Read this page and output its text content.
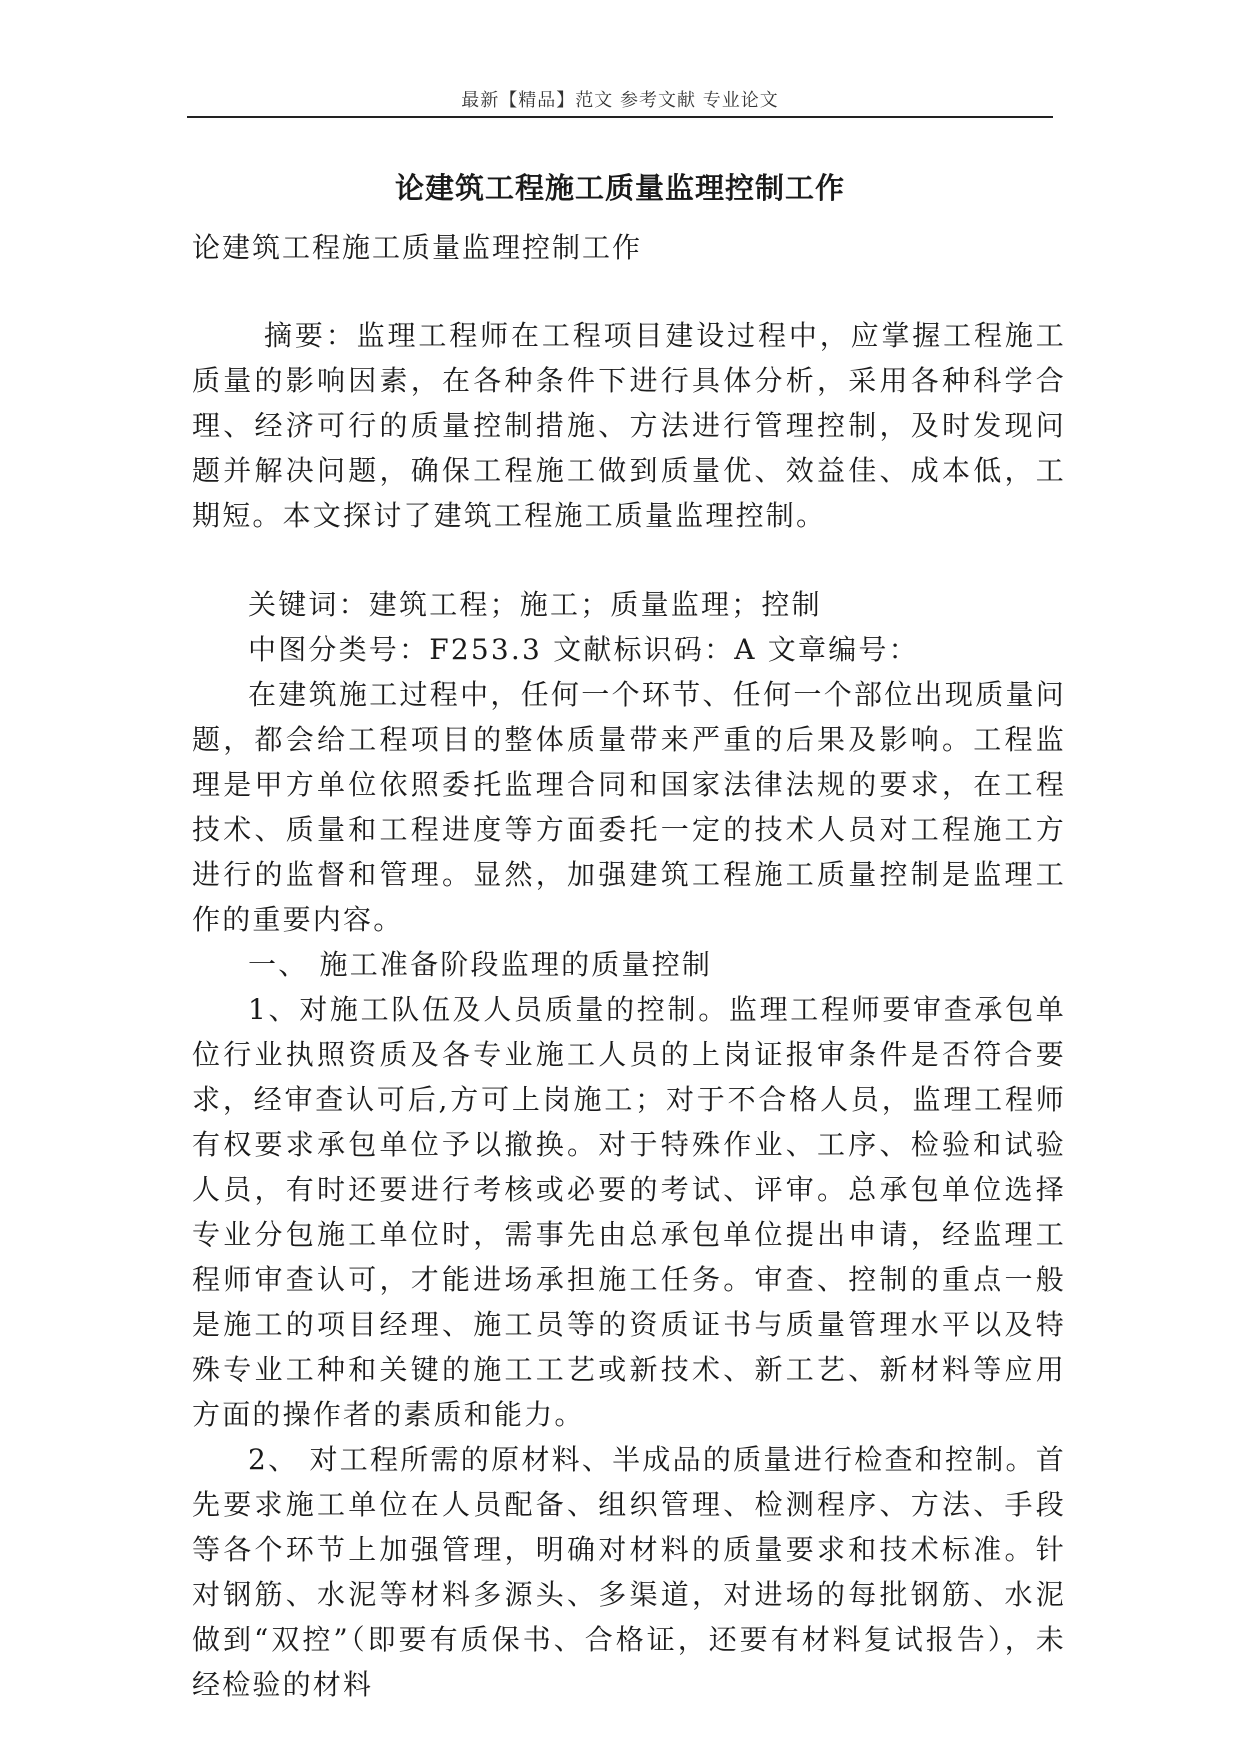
最新【精品】范文 参考文献 专业论文
论建筑工程施工质量监理控制工作
论建筑工程施工质量监理控制工作

摘要：监理工程师在工程项目建设过程中，应掌握工程施工质量的影响因素，在各种条件下进行具体分析，采用各种科学合理、经济可行的质量控制措施、方法进行管理控制，及时发现问题并解决问题，确保工程施工做到质量优、效益佳、成本低，工期短。本文探讨了建筑工程施工质量监理控制。

关键词：建筑工程；施工；质量监理；控制

中图分类号：F253.3 文献标识码：A 文章编号：

在建筑施工过程中，任何一个环节、任何一个部位出现质量问题，都会给工程项目的整体质量带来严重的后果及影响。工程监理是甲方单位依照委托监理合同和国家法律法规的要求，在工程技术、质量和工程进度等方面委托一定的技术人员对工程施工方进行的监督和管理。显然，加强建筑工程施工质量控制是监理工作的重要内容。

一、 施工准备阶段监理的质量控制

1、对施工队伍及人员质量的控制。监理工程师要审查承包单位行业执照资质及各专业施工人员的上岗证报审条件是否符合要求，经审查认可后,方可上岗施工；对于不合格人员，监理工程师有权要求承包单位予以撤换。对于特殊作业、工序、检验和试验人员，有时还要进行考核或必要的考试、评审。总承包单位选择专业分包施工单位时，需事先由总承包单位提出申请，经监理工程师审查认可，才能进场承担施工任务。审查、控制的重点一般是施工的项目经理、施工员等的资质证书与质量管理水平以及特殊专业工种和关键的施工工艺或新技术、新工艺、新材料等应用方面的操作者的素质和能力。

2、 对工程所需的原材料、半成品的质量进行检查和控制。首先要求施工单位在人员配备、组织管理、检测程序、方法、手段等各个环节上加强管理，明确对材料的质量要求和技术标准。针对钢筋、水泥等材料多源头、多渠道，对进场的每批钢筋、水泥做到“双控”（即要有质保书、合格证，还要有材料复试报告），未经检验的材料
